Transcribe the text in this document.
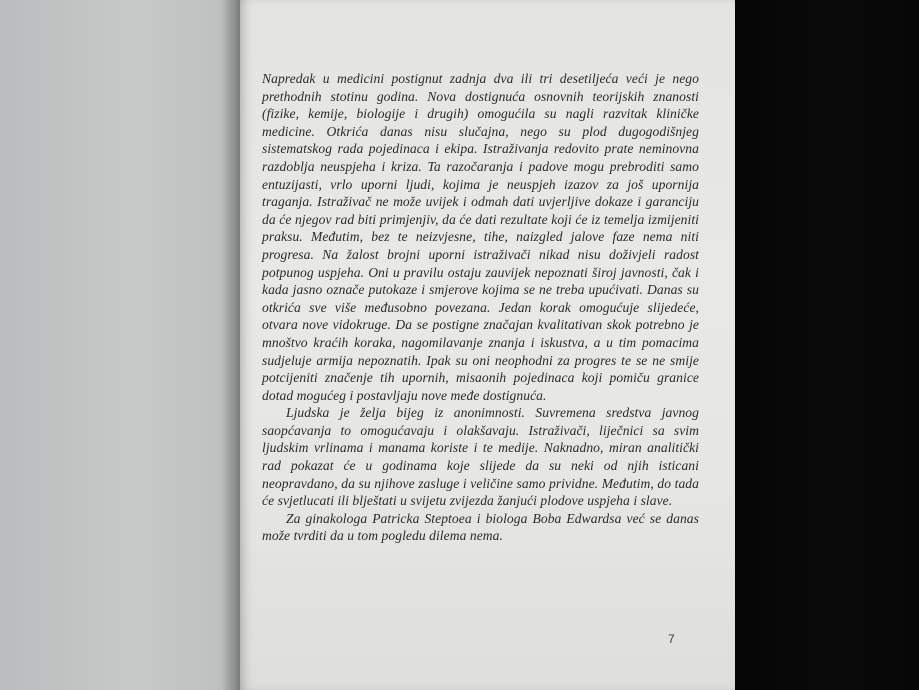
Napredak u medicini postignut zadnja dva ili tri desetiljeća veći je nego prethodnih stotinu godina. Nova dostignuća osnovnih teorijskih znanosti (fizike, kemije, biologije i drugih) omogućila su nagli razvitak kliničke medicine. Otkrića danas nisu slučajna, nego su plod dugogodišnjeg sistematskog rada pojedinaca i ekipa. Istraživanja redovito prate neminovna razdoblja neuspjeha i kriza. Ta razočaranja i padove mogu prebroditi samo entuzijasti, vrlo uporni ljudi, kojima je neuspjeh izazov za još upornija traganja. Istraživač ne može uvijek i odmah dati uvjerljive dokaze i garanciju da će njegov rad biti primjenjiv, da će dati rezultate koji će iz temelja izmijeniti praksu. Međutim, bez te neizvjesne, tihe, naizgled jalove faze nema niti progresa. Na žalost brojni uporni istraživači nikad nisu doživjeli radost potpunog uspjeha. Oni u pravilu ostaju zauvijek nepoznati široj javnosti, čak i kada jasno označe putokaze i smjerove kojima se ne treba upućivati. Danas su otkrića sve više međusobno povezana. Jedan korak omogućuje slijedeće, otvara nove vidokruge. Da se postigne značajan kvalitativan skok potrebno je mnoštvo kraćih koraka, nagomilavanje znanja i iskustva, a u tim pomacima sudjeluje armija nepoznatih. Ipak su oni neophodni za progres te se ne smije potcijeniti značenje tih upornih, misaonih pojedinaca koji pomiču granice dotad mogućeg i postavljaju nove međe dostignuća.

Ljudska je želja bijeg iz anonimnosti. Suvremena sredstva javnog saopćavanja to omogućavaju i olakšavaju. Istraživači, liječnici sa svim ljudskim vrlinama i manama koriste i te medije. Naknadno, miran analitički rad pokazat će u godinama koje slijede da su neki od njih isticani neopravdano, da su njihove zasluge i veličine samo prividne. Međutim, do tada će svjetlucati ili blještati u svijetu zvijezda žanjući plodove uspjeha i slave.

Za ginakologa Patricka Steptoea i biologa Boba Edwardsa već se danas može tvrditi da u tom pogledu dilema nema.

7
